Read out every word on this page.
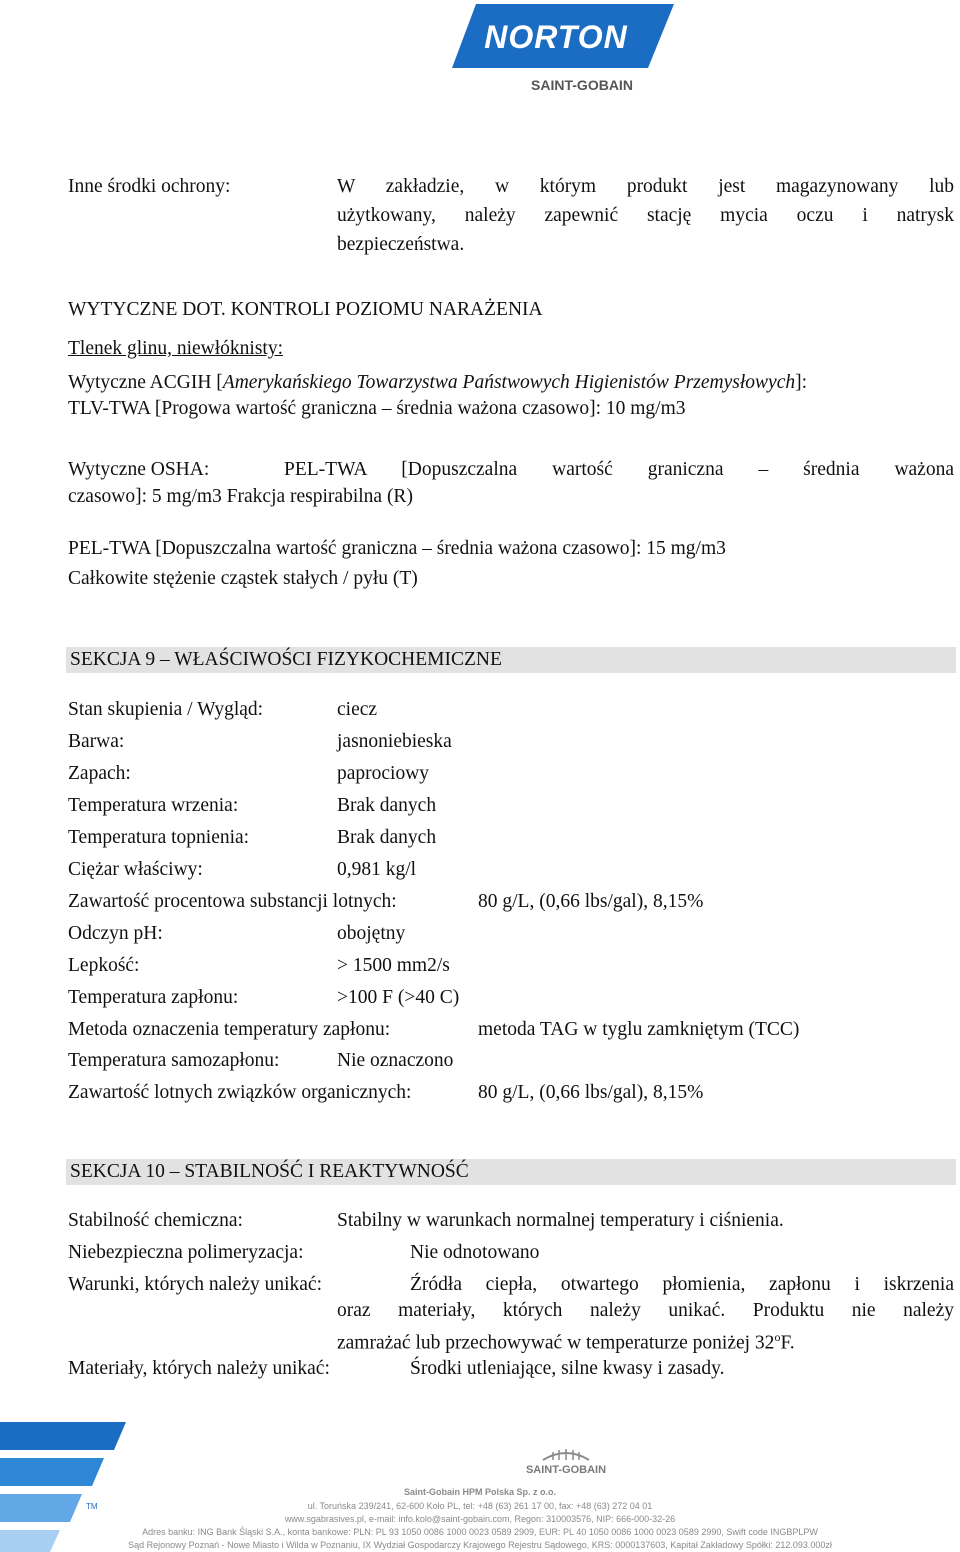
NORTON
SAINT-GOBAIN
Inne środki ochrony:	W zakładzie, w którym produkt jest magazynowany lub
użytkowany, należy zapewnić stację mycia oczu i natrysk
bezpieczeństwa.
WYTYCZNE DOT. KONTROLI POZIOMU NARAŻENIA
Tlenek glinu, niewłóknisty:
Wytyczne ACGIH [Amerykańskiego Towarzystwa Państwowych Higienistów Przemysłowych]:
TLV-TWA [Progowa wartość graniczna – średnia ważona czasowo]: 10 mg/m3
Wytyczne OSHA:	PEL-TWA [Dopuszczalna wartość graniczna – średnia ważona
czasowo]: 5 mg/m3 Frakcja respirabilna (R)
PEL-TWA [Dopuszczalna wartość graniczna – średnia ważona czasowo]: 15 mg/m3
Całkowite stężenie cząstek stałych / pyłu (T)
SEKCJA 9 – WŁAŚCIWOŚCI FIZYKOCHEMICZNE
Stan skupienia / Wygląd:	ciecz
Barwa:	jasnoniebieska
Zapach:	paprociowy
Temperatura wrzenia:	Brak danych
Temperatura topnienia:	Brak danych
Ciężar właściwy:	0,981 kg/l
Zawartość procentowa substancji lotnych:	80 g/L, (0,66 lbs/gal), 8,15%
Odczyn pH:	obojętny
Lepkość:	> 1500 mm2/s
Temperatura zapłonu:	>100 F (>40 C)
Metoda oznaczenia temperatury zapłonu:	metoda TAG w tyglu zamkniętym (TCC)
Temperatura samozapłonu:	Nie oznaczono
Zawartość lotnych związków organicznych:	80 g/L, (0,66 lbs/gal), 8,15%
SEKCJA 10 – STABILNOŚĆ I REAKTYWNOŚĆ
Stabilność chemiczna:	Stabilny w warunkach normalnej temperatury i ciśnienia.
Niebezpieczna polimeryzacja:	Nie odnotowano
Warunki, których należy unikać:	Źródła ciepła, otwartego płomienia, zapłonu i iskrzenia
oraz materiały, których należy unikać. Produktu nie należy
zamrażać lub przechowywać w temperaturze poniżej 32$^o$F.
Materiały, których należy unikać:	Środki utleniające, silne kwasy i zasady.
TM
SAINT-GOBAIN
Saint-Gobain HPM Polska Sp. z o.o.
ul. Toruńska 239/241, 62-600 Koło PL, tel: +48 (63) 261 17 00, fax: +48 (63) 272 04 01
www.sgabrasives.pl, e-mail: info.kolo@saint-gobain.com, Regon: 310003576, NIP: 666-000-32-26
Adres banku: ING Bank Śląski S.A., konta bankowe: PLN: PL 93 1050 0086 1000 0023 0589 2909, EUR: PL 40 1050 0086 1000 0023 0589 2990, Swift code INGBPLPW
Sąd Rejonowy Poznań - Nowe Miasto i Wilda w Poznaniu, IX Wydział Gospodarczy Krajowego Rejestru Sądowego, KRS: 0000137603, Kapitał Zakładowy Spółki: 212.093.000zł
